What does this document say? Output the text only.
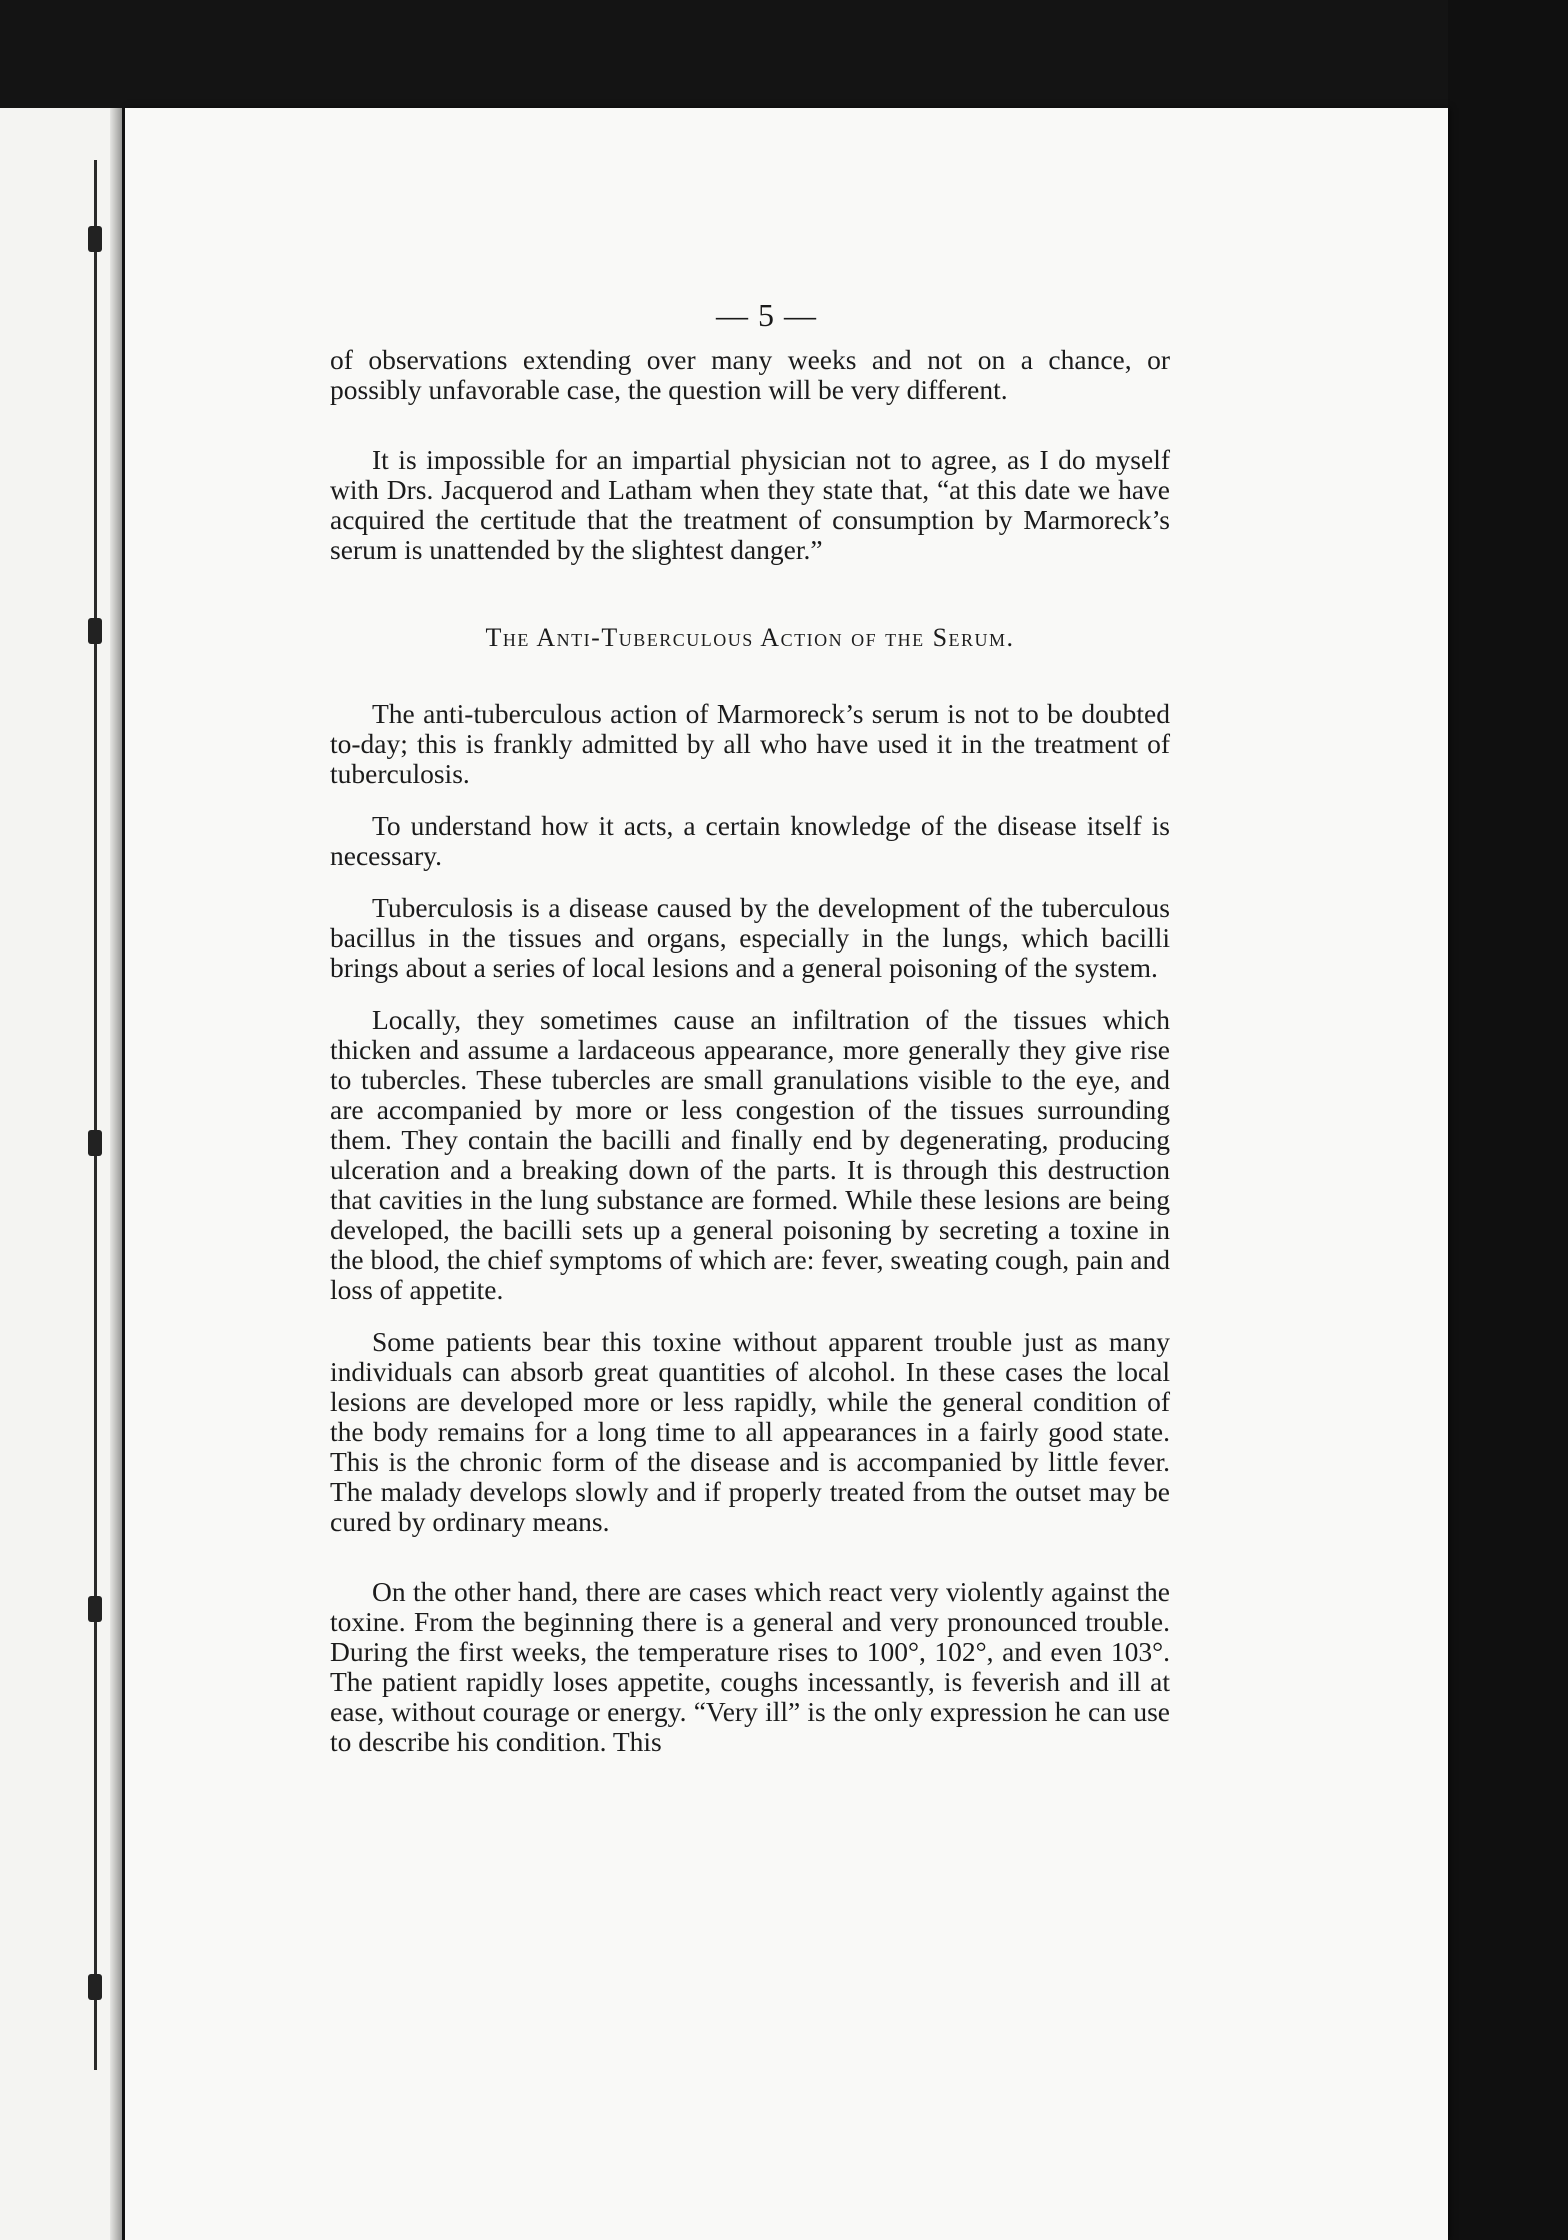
— 5 —

of observations extending over many weeks and not on a chance, or possibly unfavorable case, the question will be very different.

It is impossible for an impartial physician not to agree, as I do myself with Drs. Jacquerod and Latham when they state that, “at this date we have acquired the certitude that the treatment of consumption by Marmoreck’s serum is unattended by the slightest danger.”

The Anti-Tuberculous Action of the Serum.

The anti-tuberculous action of Marmoreck’s serum is not to be doubted to-day; this is frankly admitted by all who have used it in the treatment of tuberculosis.

To understand how it acts, a certain knowledge of the disease itself is necessary.

Tuberculosis is a disease caused by the development of the tuberculous bacillus in the tissues and organs, especially in the lungs, which bacilli brings about a series of local lesions and a general poisoning of the system.

Locally, they sometimes cause an infiltration of the tissues which thicken and assume a lardaceous appearance, more generally they give rise to tubercles. These tubercles are small granulations visible to the eye, and are accompanied by more or less congestion of the tissues surrounding them. They contain the bacilli and finally end by degenerating, producing ulceration and a breaking down of the parts. It is through this destruction that cavities in the lung substance are formed. While these lesions are being developed, the bacilli sets up a general poisoning by secreting a toxine in the blood, the chief symptoms of which are: fever, sweating cough, pain and loss of appetite.

Some patients bear this toxine without apparent trouble just as many individuals can absorb great quantities of alcohol. In these cases the local lesions are developed more or less rapidly, while the general condition of the body remains for a long time to all appearances in a fairly good state. This is the chronic form of the disease and is accompanied by little fever. The malady develops slowly and if properly treated from the outset may be cured by ordinary means.

On the other hand, there are cases which react very violently against the toxine. From the beginning there is a general and very pronounced trouble. During the first weeks, the temperature rises to 100°, 102°, and even 103°. The patient rapidly loses appetite, coughs incessantly, is feverish and ill at ease, without courage or energy. “Very ill” is the only expression he can use to describe his condition. This
